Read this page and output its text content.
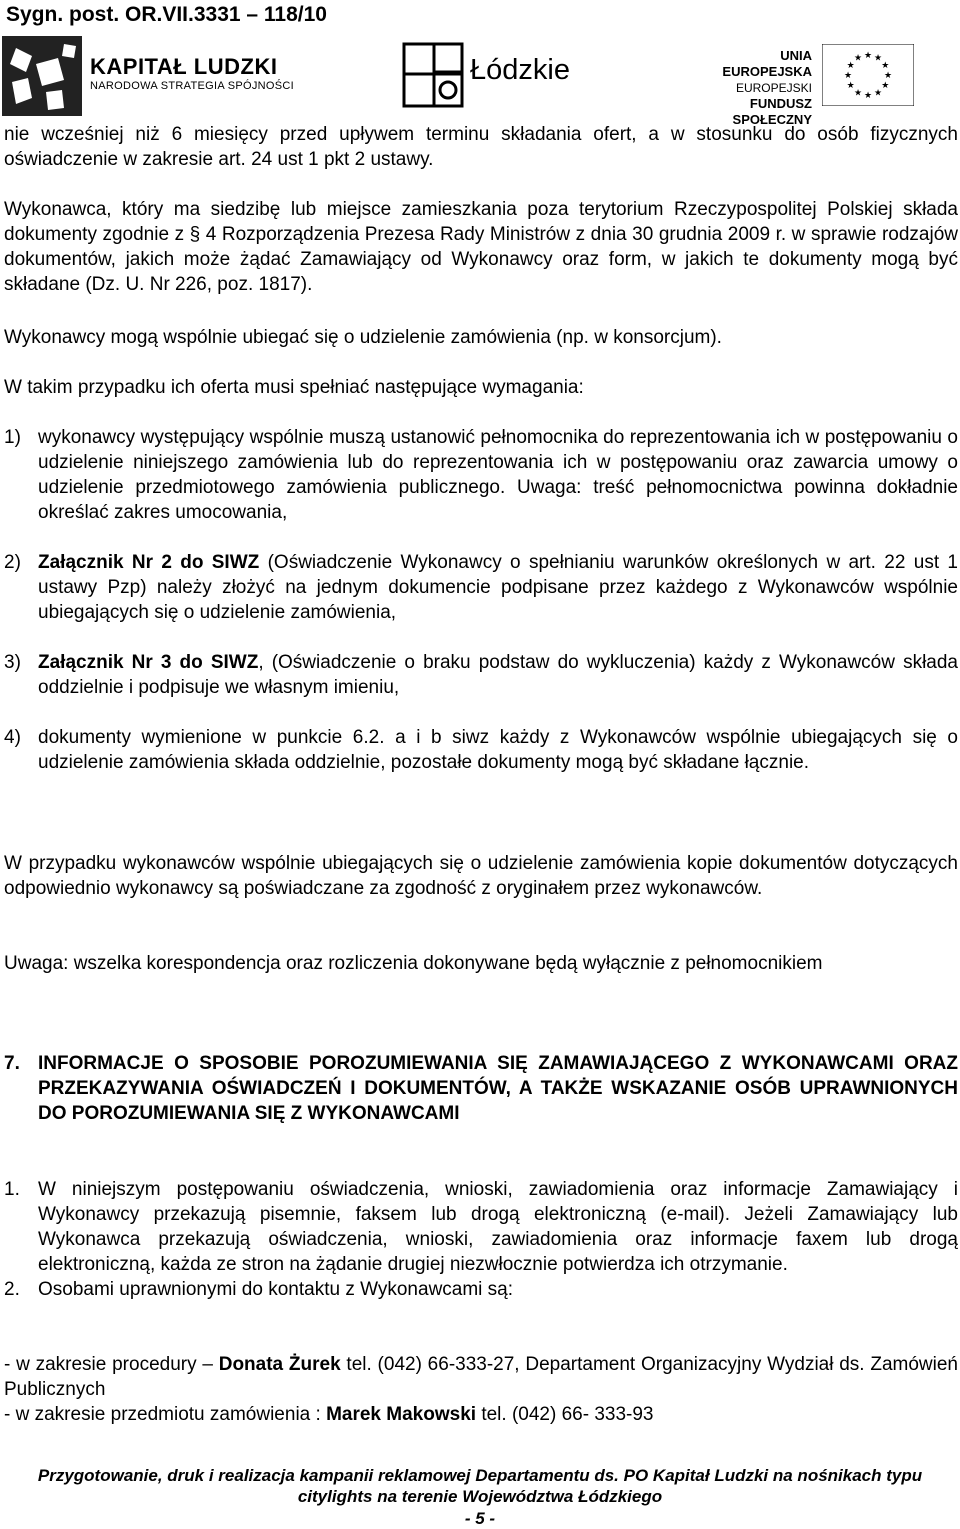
Sygn. post. OR.VII.3331 – 118/10
KAPITAŁ LUDZKI
NARODOWA STRATEGIA SPÓJNOŚCI	Łódzkie	UNIA EUROPEJSKA
EUROPEJSKI
FUNDUSZ SPOŁECZNY
★ ★
★
★
★
★
★
★
★
★
★
★
nie wcześniej niż 6 miesięcy przed upływem terminu składania ofert, a w stosunku do osób fizycznych oświadczenie w zakresie art. 24 ust 1 pkt 2 ustawy.
Wykonawca, który ma siedzibę lub miejsce zamieszkania poza terytorium Rzeczypospolitej Polskiej składa dokumenty zgodnie z § 4 Rozporządzenia Prezesa Rady Ministrów z dnia 30 grudnia 2009 r. w sprawie rodzajów dokumentów, jakich może żądać Zamawiający od Wykonawcy oraz form, w jakich te dokumenty mogą być składane (Dz. U. Nr 226, poz. 1817).
Wykonawcy mogą wspólnie ubiegać się o udzielenie zamówienia (np. w konsorcjum).
W takim przypadku ich oferta musi spełniać następujące wymagania:
1) wykonawcy występujący wspólnie muszą ustanowić pełnomocnika do reprezentowania ich w postępowaniu o udzielenie niniejszego zamówienia lub do reprezentowania ich w postępowaniu oraz zawarcia umowy o udzielenie przedmiotowego zamówienia publicznego. Uwaga: treść pełnomocnictwa powinna dokładnie określać zakres umocowania,
2) Załącznik Nr 2 do SIWZ (Oświadczenie Wykonawcy o spełnianiu warunków określonych w art. 22 ust 1 ustawy Pzp) należy złożyć na jednym dokumencie podpisane przez każdego z Wykonawców wspólnie ubiegających się o udzielenie zamówienia,
3) Załącznik Nr 3 do SIWZ, (Oświadczenie o braku podstaw do wykluczenia) każdy z Wykonawców składa oddzielnie i podpisuje we własnym imieniu,
4) dokumenty wymienione w punkcie 6.2. a i b siwz każdy z Wykonawców wspólnie ubiegających się o udzielenie zamówienia składa oddzielnie, pozostałe dokumenty mogą być składane łącznie.
W przypadku wykonawców wspólnie ubiegających się o udzielenie zamówienia kopie dokumentów dotyczących odpowiednio wykonawcy są poświadczane za zgodność z oryginałem przez wykonawców.
Uwaga: wszelka korespondencja oraz rozliczenia dokonywane będą wyłącznie z pełnomocnikiem
7. INFORMACJE O SPOSOBIE POROZUMIEWANIA SIĘ ZAMAWIAJĄCEGO Z WYKONAWCAMI ORAZ PRZEKAZYWANIA OŚWIADCZEŃ I DOKUMENTÓW, A TAKŻE WSKAZANIE OSÓB UPRAWNIONYCH DO POROZUMIEWANIA SIĘ Z WYKONAWCAMI
1. W niniejszym postępowaniu oświadczenia, wnioski, zawiadomienia oraz informacje Zamawiający i Wykonawcy przekazują pisemnie, faksem lub drogą elektroniczną (e-mail). Jeżeli Zamawiający lub Wykonawca przekazują oświadczenia, wnioski, zawiadomienia oraz informacje faxem lub drogą elektroniczną, każda ze stron na żądanie drugiej niezwłocznie potwierdza ich otrzymanie.
2. Osobami uprawnionymi do kontaktu z Wykonawcami są:
- w zakresie procedury – Donata Żurek tel. (042) 66-333-27, Departament Organizacyjny Wydział ds. Zamówień Publicznych
- w zakresie przedmiotu zamówienia : Marek Makowski tel. (042) 66- 333-93
Przygotowanie, druk i realizacja kampanii reklamowej Departamentu ds. PO Kapitał Ludzki na nośnikach typu
citylights na terenie Województwa Łódzkiego
- 5 -
